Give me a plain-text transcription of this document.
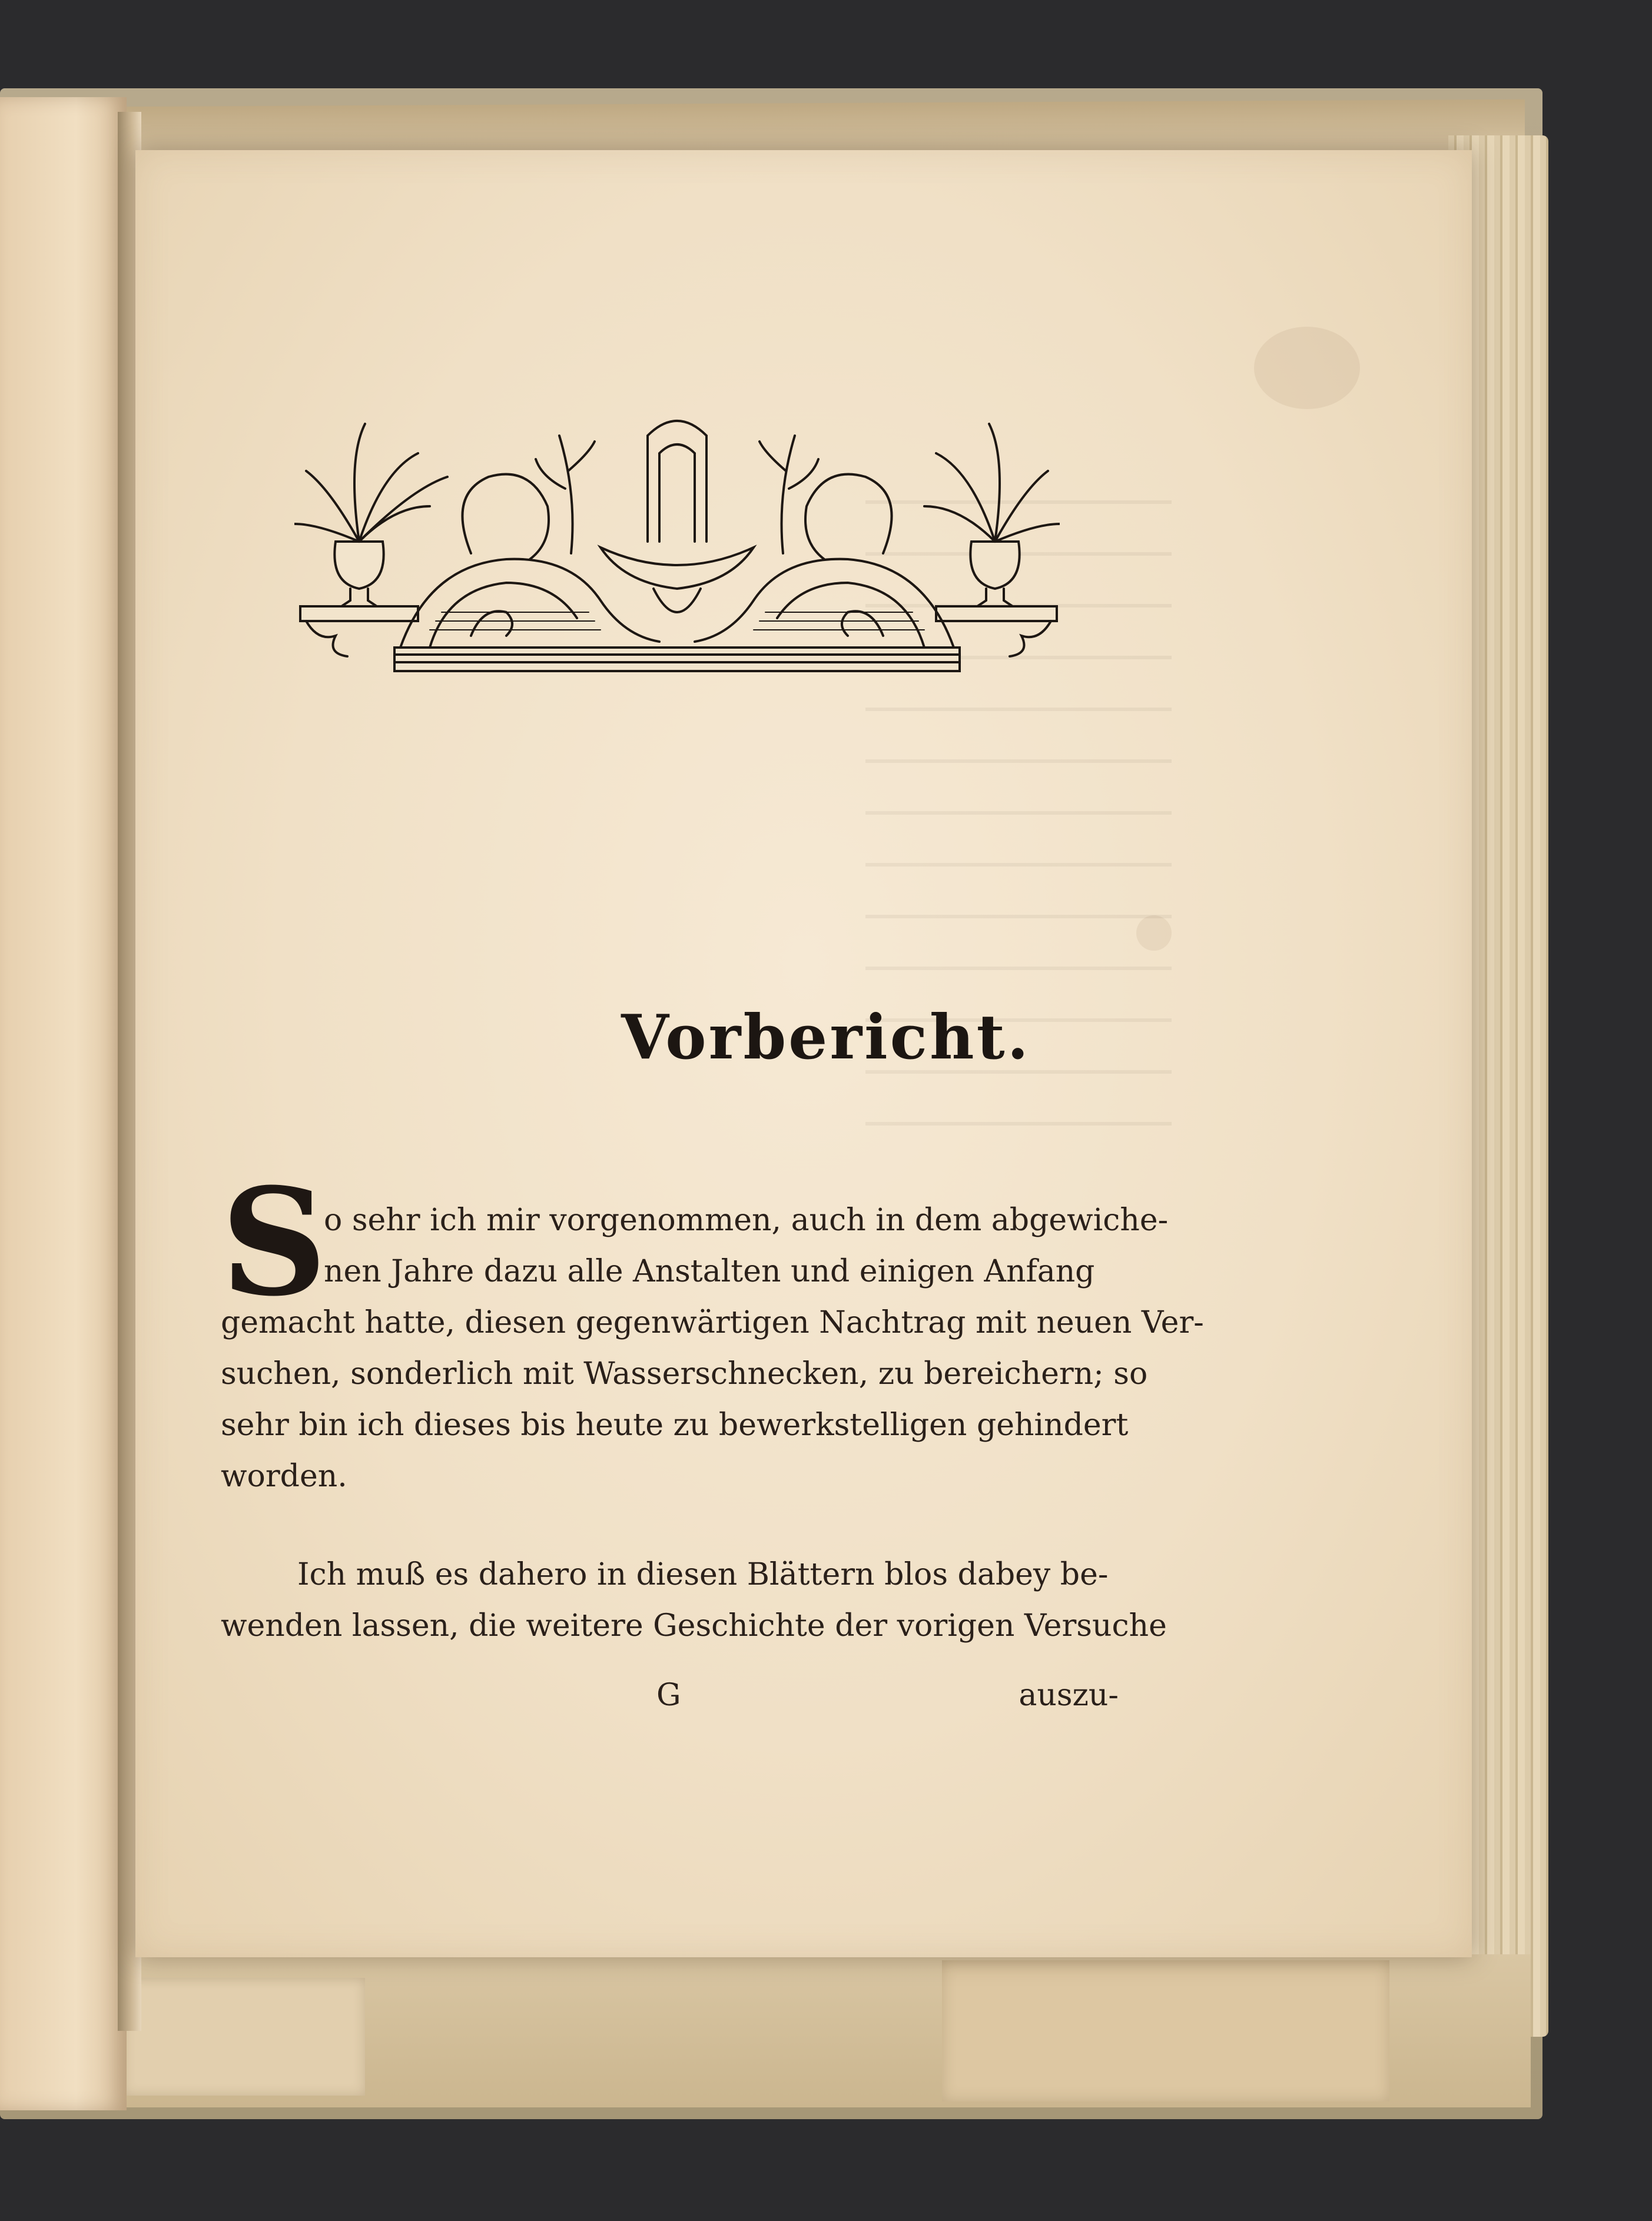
Vorbericht.
S
o sehr ich mir vorgenommen, auch in dem abgewiche-
nen Jahre dazu alle Anstalten und einigen Anfang
gemacht hatte, diesen gegenwärtigen Nachtrag mit neuen Ver-
suchen, sonderlich mit Wasserschnecken, zu bereichern; so
sehr bin ich dieses bis heute zu bewerkstelligen gehindert
worden.
Ich muß es dahero in diesen Blättern blos dabey be-
wenden lassen, die weitere Geschichte der vorigen Versuche
G	auszu-
